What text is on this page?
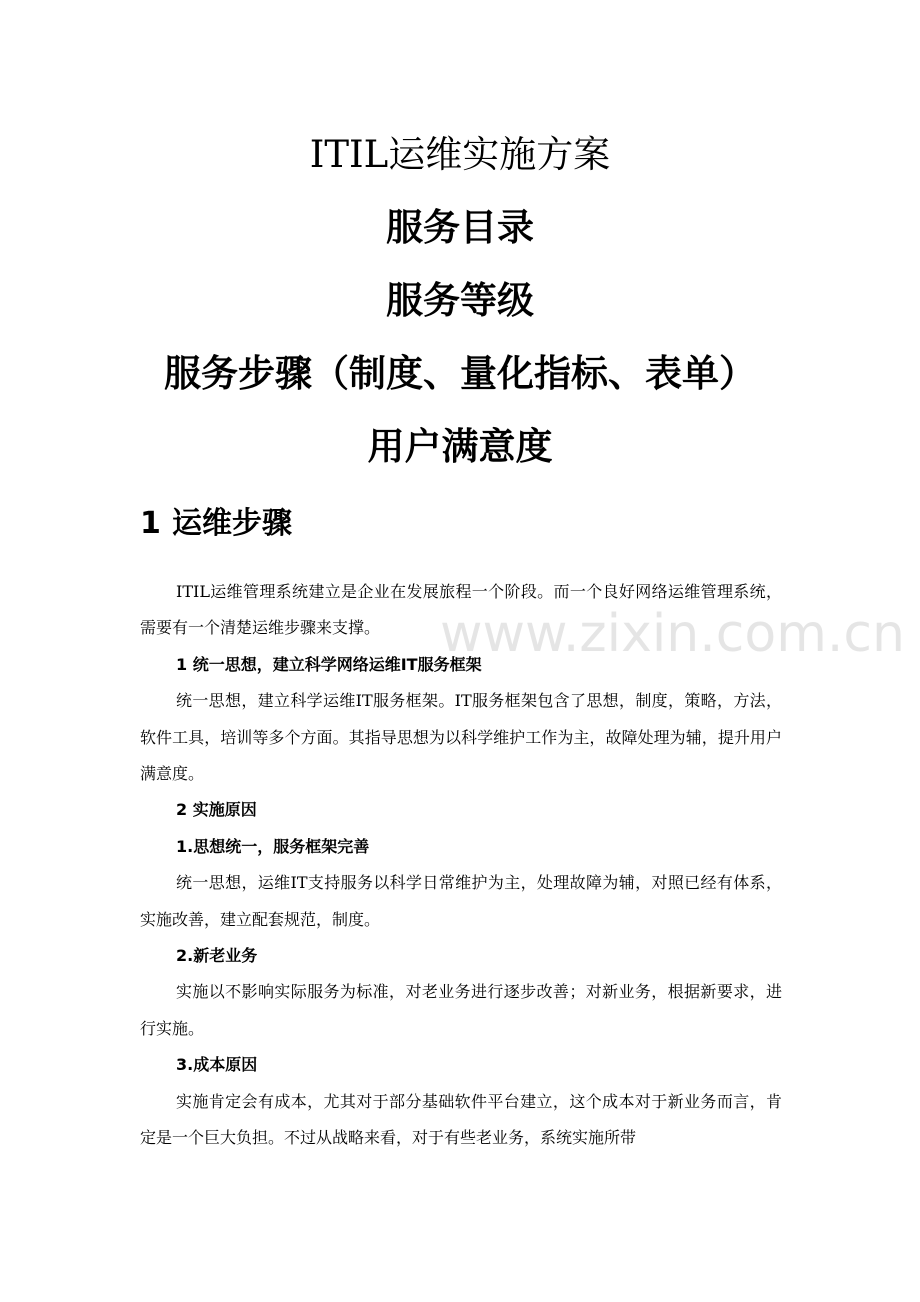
ITIL运维实施方案
服务目录
服务等级
服务步骤（制度、量化指标、表单）
用户满意度
1 运维步骤
www.zixin.com.cn

ITIL运维管理系统建立是企业在发展旅程一个阶段。而一个良好网络运维管理系统，需要有一个清楚运维步骤来支撑。

1 统一思想，建立科学网络运维IT服务框架

统一思想，建立科学运维IT服务框架。IT服务框架包含了思想，制度，策略，方法，软件工具，培训等多个方面。其指导思想为以科学维护工作为主，故障处理为辅，提升用户满意度。

2 实施原因

1.思想统一，服务框架完善

统一思想，运维IT支持服务以科学日常维护为主，处理故障为辅，对照已经有体系，实施改善，建立配套规范，制度。

2.新老业务

实施以不影响实际服务为标准，对老业务进行逐步改善；对新业务，根据新要求，进行实施。

3.成本原因

实施肯定会有成本，尤其对于部分基础软件平台建立，这个成本对于新业务而言，肯定是一个巨大负担。不过从战略来看，对于有些老业务，系统实施所带
